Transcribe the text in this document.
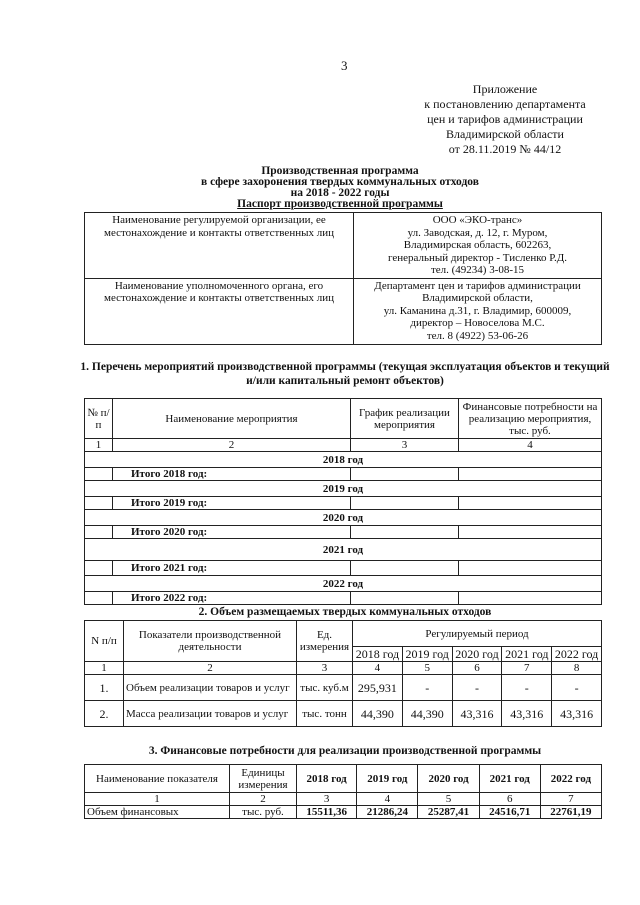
3
Приложение
к постановлению департамента
цен и тарифов администрации
Владимирской области
от 28.11.2019 № 44/12
Производственная программа
в сфере захоронения твердых коммунальных отходов
на 2018 - 2022 годы
Паспорт производственной программы
Наименование регулируемой организации, ее местонахождение и контакты ответственных лиц	ООО «ЭКО-транс»
ул. Заводская, д. 12, г. Муром,
Владимирская область, 602263,
генеральный директор - Тисленко Р.Д.
тел. (49234) 3-08-15

Наименование уполномоченного органа, его местонахождение и контакты ответственных лиц	Департамент цен и тарифов администрации
Владимирской области,
ул. Каманина д.31, г. Владимир, 600009,
директор – Новоселова М.С.
тел. 8 (4922) 53-06-26
1. Перечень мероприятий производственной программы (текущая эксплуатация объектов и текущий и/или капитальный ремонт объектов)
№ п/п	Наименование мероприятия	График реализации мероприятия	Финансовые потребности на реализацию мероприятия, тыс. руб.
1	2	3	4
2018 год			
	Итого 2018 год:		
2019 год			
	Итого 2019 год:		
2020 год			
	Итого 2020 год:		
2021 год			
	Итого 2021 год:		
2022 год			
	Итого 2022 год:		
2. Объем размещаемых твердых коммунальных отходов
N п/п	Показатели производственной деятельности	Ед. измерения	Регулируемый период				
			2018 год	2019 год	2020 год	2021 год	2022 год
1	2	3	4	5	6	7	8
1.	Объем реализации товаров и услуг	тыс. куб.м	295,931	-	-	-	-
2.	Масса реализации товаров и услуг	тыс. тонн	44,390	44,390	43,316	43,316	43,316
3. Финансовые потребности для реализации производственной программы
Наименование показателя	Единицы измерения	2018 год	2019 год	2020 год	2021 год	2022 год
1	2	3	4	5	6	7
Объем финансовых	тыс. руб.	15511,36	21286,24	25287,41	24516,71	22761,19
